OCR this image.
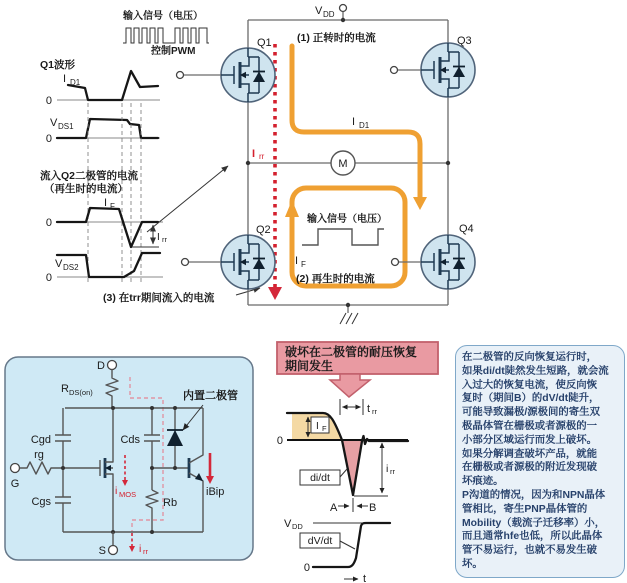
输入信号（电压）
控制PWM
Q1波形
I D1
0
V DS1
0
流入Q2二极管的电流
（再生时的电流）
I F
0
I rr
V DS2
0
(3) 在trr期间流入的电流
V DD
M
Q1
Q2
Q3
Q4
(1) 正转时的电流
I D1
I rr
输入信号（电压）
I F
(2) 再生时的电流
D
R DS(on)
Cgd
Cgs
G
rg
i MOS
Cds
Rb
内置二极管
iBip
S	i rr
破坏在二极管的耐压恢复
期间发生
t rr
0
I F
di/dt
i rr
A	B
V DD
dV/dt
0
t
在二极管的反向恢复运行时，
如果di/dt陡然发生短路，就会流
入过大的恢复电流，使反向恢
复时（期间B）的dV/dt陡升，
可能导致漏极/源极间的寄生双
极晶体管在栅极或者源极的一
小部分区域运行而发上破坏。
如果分解调查破坏产品，就能
在栅极或者源极的附近发现破
坏痕迹。
P沟道的情况，因为和NPN晶体
管相比，寄生PNP晶体管的
Mobility（载流子迁移率）小，
而且通常hfe也低，所以此晶体
管不易运行，也就不易发生破
坏。
